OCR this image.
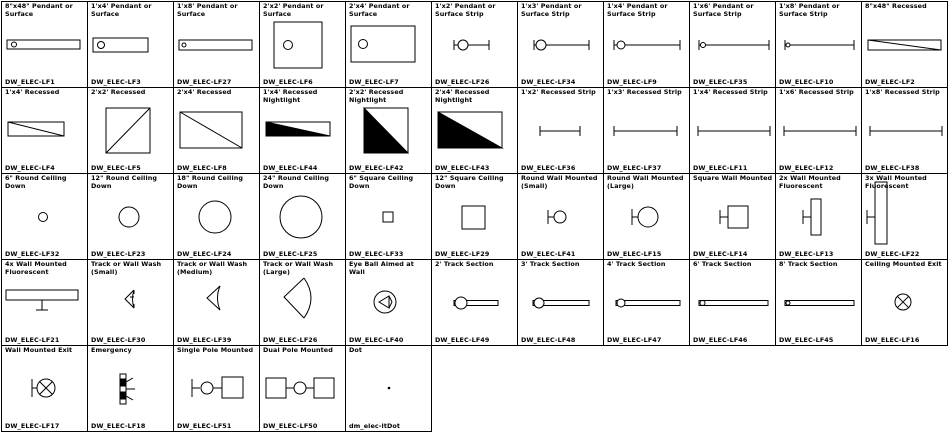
8"x48" Pendant or Surface
DW_ELEC-LF1
1'x4' Pendant or Surface
DW_ELEC-LF3
1'x8' Pendant or Surface
DW_ELEC-LF27
2'x2' Pendant or Surface
DW_ELEC-LF6
2'x4' Pendant or Surface
DW_ELEC-LF7
1'x2' Pendant or Surface Strip
DW_ELEC-LF26
1'x3' Pendant or Surface Strip
DW_ELEC-LF34
1'x4' Pendant or Surface Strip
DW_ELEC-LF9
1'x6' Pendant or Surface Strip
DW_ELEC-LF35
1'x8' Pendant or Surface Strip
DW_ELEC-LF10
8"x48" Recessed
DW_ELEC-LF2
1'x4' Recessed
DW_ELEC-LF4
2'x2' Recessed
DW_ELEC-LF5
2'x4' Recessed
DW_ELEC-LF8
1'x4' Recessed Nightlight
DW_ELEC-LF44
2'x2' Recessed Nightlight
DW_ELEC-LF42
2'x4' Recessed Nightlight
DW_ELEC-LF43
1'x2' Recessed Strip
DW_ELEC-LF36
1'x3' Recessed Strip
DW_ELEC-LF37
1'x4' Recessed Strip
DW_ELEC-LF11
1'x6' Recessed Strip
DW_ELEC-LF12
1'x8' Recessed Strip
DW_ELEC-LF38
6" Round Ceiling Down
DW_ELEC-LF32
12" Round Ceiling Down
DW_ELEC-LF23
18" Round Ceiling Down
DW_ELEC-LF24
24" Round Ceiling Down
DW_ELEC-LF25
6" Square Ceiling Down
DW_ELEC-LF33
12" Square Ceiling Down
DW_ELEC-LF29
Round Wall Mounted (Small)
DW_ELEC-LF41
Round Wall Mounted (Large)
DW_ELEC-LF15
Square Wall Mounted
DW_ELEC-LF14
2x Wall Mounted Fluorescent
DW_ELEC-LF13
3x Wall Mounted Fluorescent
DW_ELEC-LF22
4x Wall Mounted Fluorescent
DW_ELEC-LF21
Track or Wall Wash (Small)
DW_ELEC-LF30
Track or Wall Wash (Medium)
DW_ELEC-LF39
Track or Wall Wash (Large)
DW_ELEC-LF26
Eye Ball Aimed at Wall
DW_ELEC-LF40
2' Track Section
DW_ELEC-LF49
3' Track Section
DW_ELEC-LF48
4' Track Section
DW_ELEC-LF47
6' Track Section
DW_ELEC-LF46
8' Track Section
DW_ELEC-LF45
Ceiling Mounted Exit
DW_ELEC-LF16
Wall Mounted Exit
DW_ELEC-LF17
Emergency
DW_ELEC-LF18
Single Pole Mounted
DW_ELEC-LF51
Dual Pole Mounted
DW_ELEC-LF50
Dot
dm_elec-ltDot
